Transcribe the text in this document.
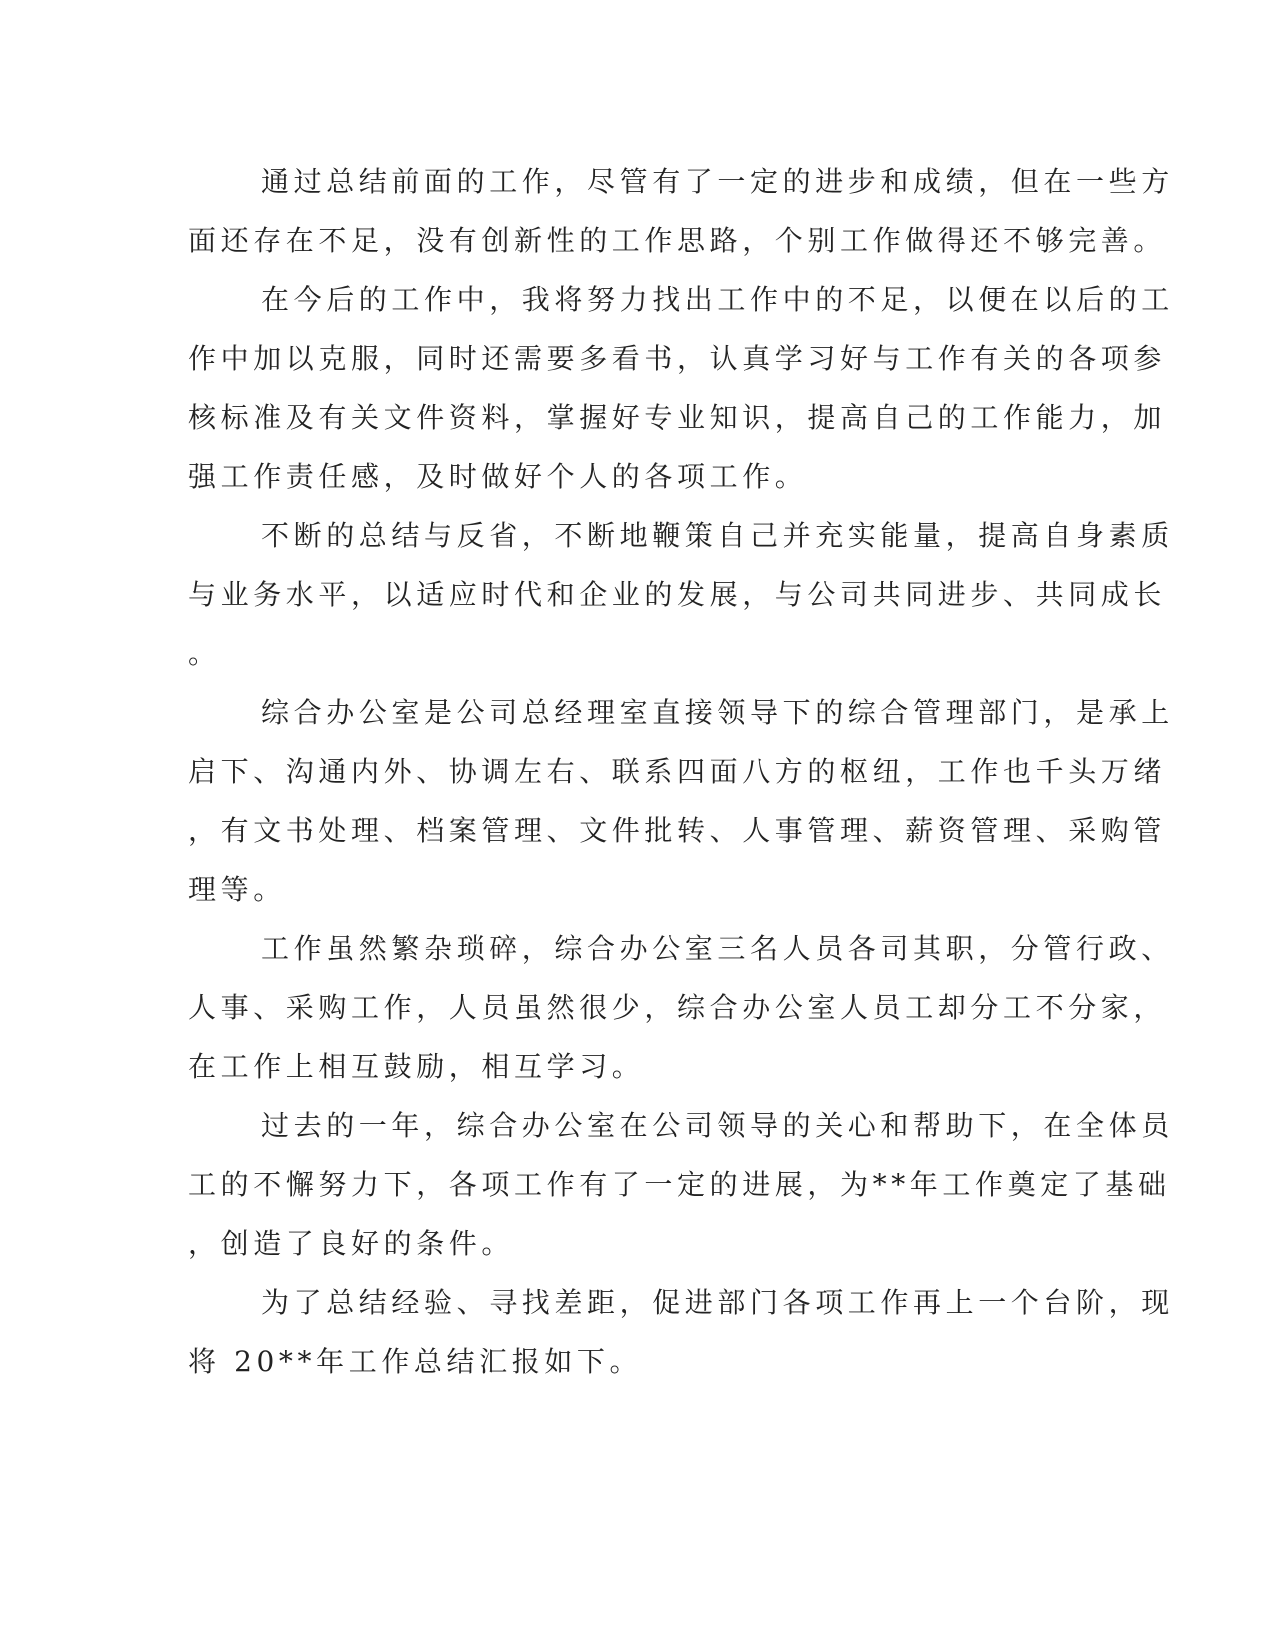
通过总结前面的工作，尽管有了一定的进步和成绩，但在一些方
面还存在不足，没有创新性的工作思路，个别工作做得还不够完善。
在今后的工作中，我将努力找出工作中的不足，以便在以后的工
作中加以克服，同时还需要多看书，认真学习好与工作有关的各项参
核标准及有关文件资料，掌握好专业知识，提高自己的工作能力，加
强工作责任感，及时做好个人的各项工作。
不断的总结与反省，不断地鞭策自己并充实能量，提高自身素质
与业务水平，以适应时代和企业的发展，与公司共同进步、共同成长
。
综合办公室是公司总经理室直接领导下的综合管理部门，是承上
启下、沟通内外、协调左右、联系四面八方的枢纽，工作也千头万绪
，有文书处理、档案管理、文件批转、人事管理、薪资管理、采购管
理等。
工作虽然繁杂琐碎，综合办公室三名人员各司其职，分管行政、
人事、采购工作，人员虽然很少，综合办公室人员工却分工不分家，
在工作上相互鼓励，相互学习。
过去的一年，综合办公室在公司领导的关心和帮助下，在全体员
工的不懈努力下，各项工作有了一定的进展，为**年工作奠定了基础
，创造了良好的条件。
为了总结经验、寻找差距，促进部门各项工作再上一个台阶，现
将 20**年工作总结汇报如下。
